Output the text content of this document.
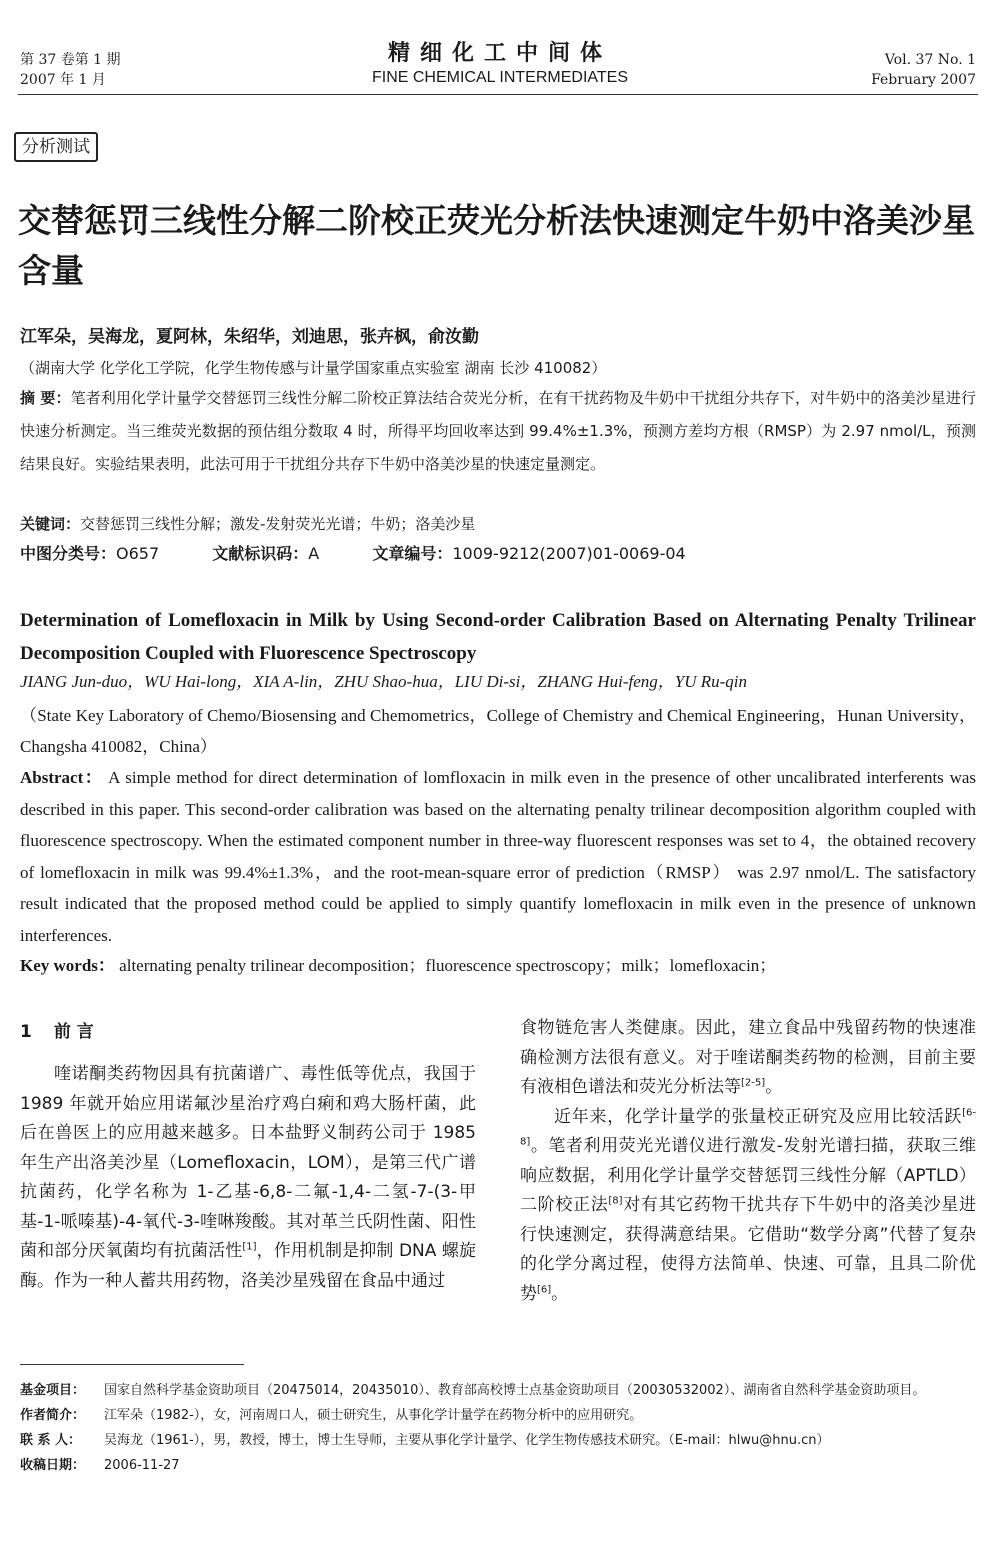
第 37 卷第 1 期
2007 年 1 月
精细化工中间体
FINE CHEMICAL INTERMEDIATES
Vol. 37 No. 1
February 2007
分析测试
交替惩罚三线性分解二阶校正荧光分析法快速测定牛奶中洛美沙星含量
江军朵，吴海龙，夏阿林，朱绍华，刘迪思，张卉枫，俞汝勤
（湖南大学 化学化工学院，化学生物传感与计量学国家重点实验室 湖南 长沙 410082）
摘 要：笔者利用化学计量学交替惩罚三线性分解二阶校正算法结合荧光分析，在有干扰药物及牛奶中干扰组分共存下，对牛奶中的洛美沙星进行快速分析测定。当三维荧光数据的预估组分数取 4 时，所得平均回收率达到 99.4%±1.3%，预测方差均方根（RMSP）为 2.97 nmol/L，预测结果良好。实验结果表明，此法可用于干扰组分共存下牛奶中洛美沙星的快速定量测定。
关键词：交替惩罚三线性分解；激发-发射荧光光谱；牛奶；洛美沙星
中图分类号：O657	文献标识码：A	文章编号：1009-9212(2007)01-0069-04
Determination of Lomefloxacin in Milk by Using Second-order Calibration Based on Alternating Penalty Trilinear Decomposition Coupled with Fluorescence Spectroscopy
JIANG Jun-duo，WU Hai-long，XIA A-lin，ZHU Shao-hua，LIU Di-si，ZHANG Hui-feng，YU Ru-qin
（State Key Laboratory of Chemo/Biosensing and Chemometrics，College of Chemistry and Chemical Engineering，Hunan University，Changsha 410082，China）
Abstract： A simple method for direct determination of lomfloxacin in milk even in the presence of other uncalibrated interferents was described in this paper. This second-order calibration was based on the alternating penalty trilinear decomposition algorithm coupled with fluorescence spectroscopy. When the estimated component number in three-way fluorescent responses was set to 4，the obtained recovery of lomefloxacin in milk was 99.4%±1.3%，and the root-mean-square error of prediction（RMSP） was 2.97 nmol/L. The satisfactory result indicated that the proposed method could be applied to simply quantify lomefloxacin in milk even in the presence of unknown interferences.
Key words： alternating penalty trilinear decomposition；fluorescence spectroscopy；milk；lomefloxacin；

1 前 言

喹诺酮类药物因具有抗菌谱广、毒性低等优点，我国于 1989 年就开始应用诺氟沙星治疗鸡白痢和鸡大肠杆菌，此后在兽医上的应用越来越多。日本盐野义制药公司于 1985 年生产出洛美沙星（Lomefloxacin，LOM），是第三代广谱抗菌药，化学名称为 1-乙基-6,8-二氟-1,4-二氢-7-(3-甲基-1-哌嗪基)-4-氧代-3-喹啉羧酸。其对革兰氏阴性菌、阳性菌和部分厌氧菌均有抗菌活性[1]，作用机制是抑制 DNA 螺旋酶。作为一种人蓄共用药物，洛美沙星残留在食品中通过

食物链危害人类健康。因此，建立食品中残留药物的快速准确检测方法很有意义。对于喹诺酮类药物的检测，目前主要有液相色谱法和荧光分析法等[2-5]。

近年来，化学计量学的张量校正研究及应用比较活跃[6-8]。笔者利用荧光光谱仪进行激发-发射光谱扫描，获取三维响应数据，利用化学计量学交替惩罚三线性分解（APTLD）二阶校正法[8]对有其它药物干扰共存下牛奶中的洛美沙星进行快速测定，获得满意结果。它借助“数学分离”代替了复杂的化学分离过程，使得方法简单、快速、可靠，且具二阶优势[6]。

基金项目：	国家自然科学基金资助项目（20475014，20435010）、教育部高校博士点基金资助项目（20030532002）、湖南省自然科学基金资助项目。
作者简介：	江军朵（1982-），女，河南周口人，硕士研究生，从事化学计量学在药物分析中的应用研究。
联 系 人：	吴海龙（1961-），男，教授，博士，博士生导师，主要从事化学计量学、化学生物传感技术研究。（E-mail：hlwu@hnu.cn）
收稿日期：	2006-11-27
